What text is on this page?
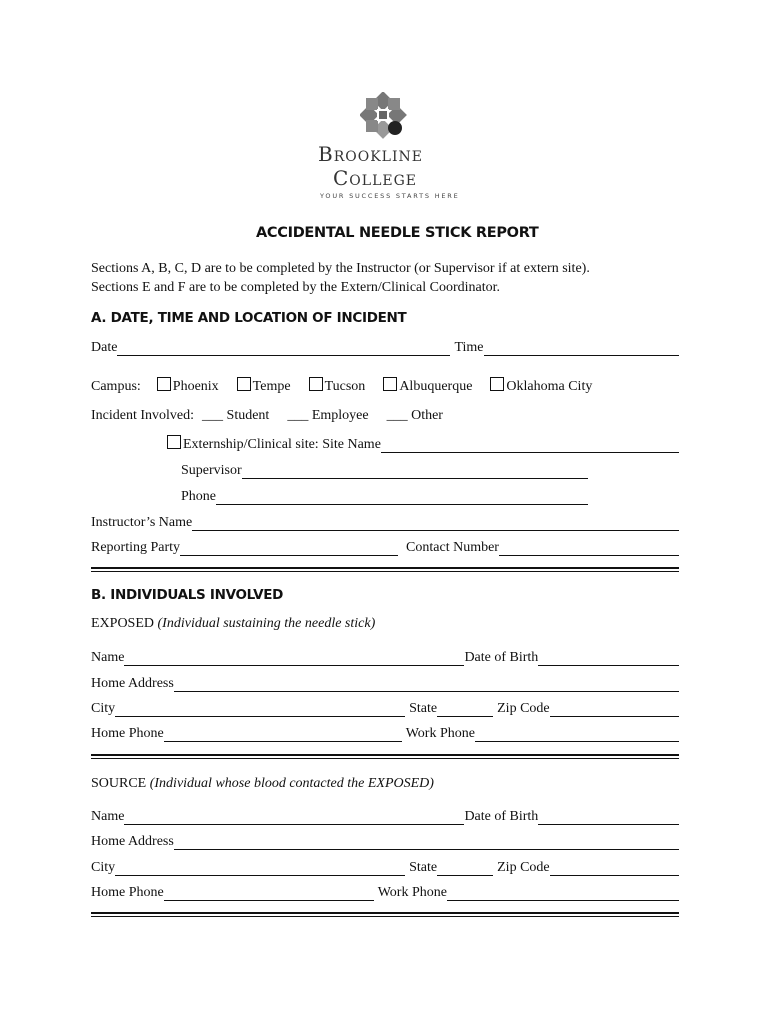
Brookline
College
YOUR SUCCESS STARTS HERE
ACCIDENTAL NEEDLE STICK REPORT
Sections A, B, C, D are to be completed by the Instructor (or Supervisor if at extern site).
Sections E and F are to be completed by the Extern/Clinical Coordinator.
A. DATE, TIME AND LOCATION OF INCIDENT
Date	Time
Campus:	Phoenix	Tempe	Tucson	Albuquerque	Oklahoma City
Incident Involved: ___ Student ___ Employee ___ Other
Externship/Clinical site: Site Name
Supervisor
Phone
Instructor’s Name
Reporting Party	Contact Number
B. INDIVIDUALS INVOLVED
EXPOSED (Individual sustaining the needle stick)
Name	Date of Birth
Home Address
City	State	Zip Code
Home Phone	Work Phone
SOURCE (Individual whose blood contacted the EXPOSED)
Name	Date of Birth
Home Address
City	State	Zip Code
Home Phone	Work Phone
